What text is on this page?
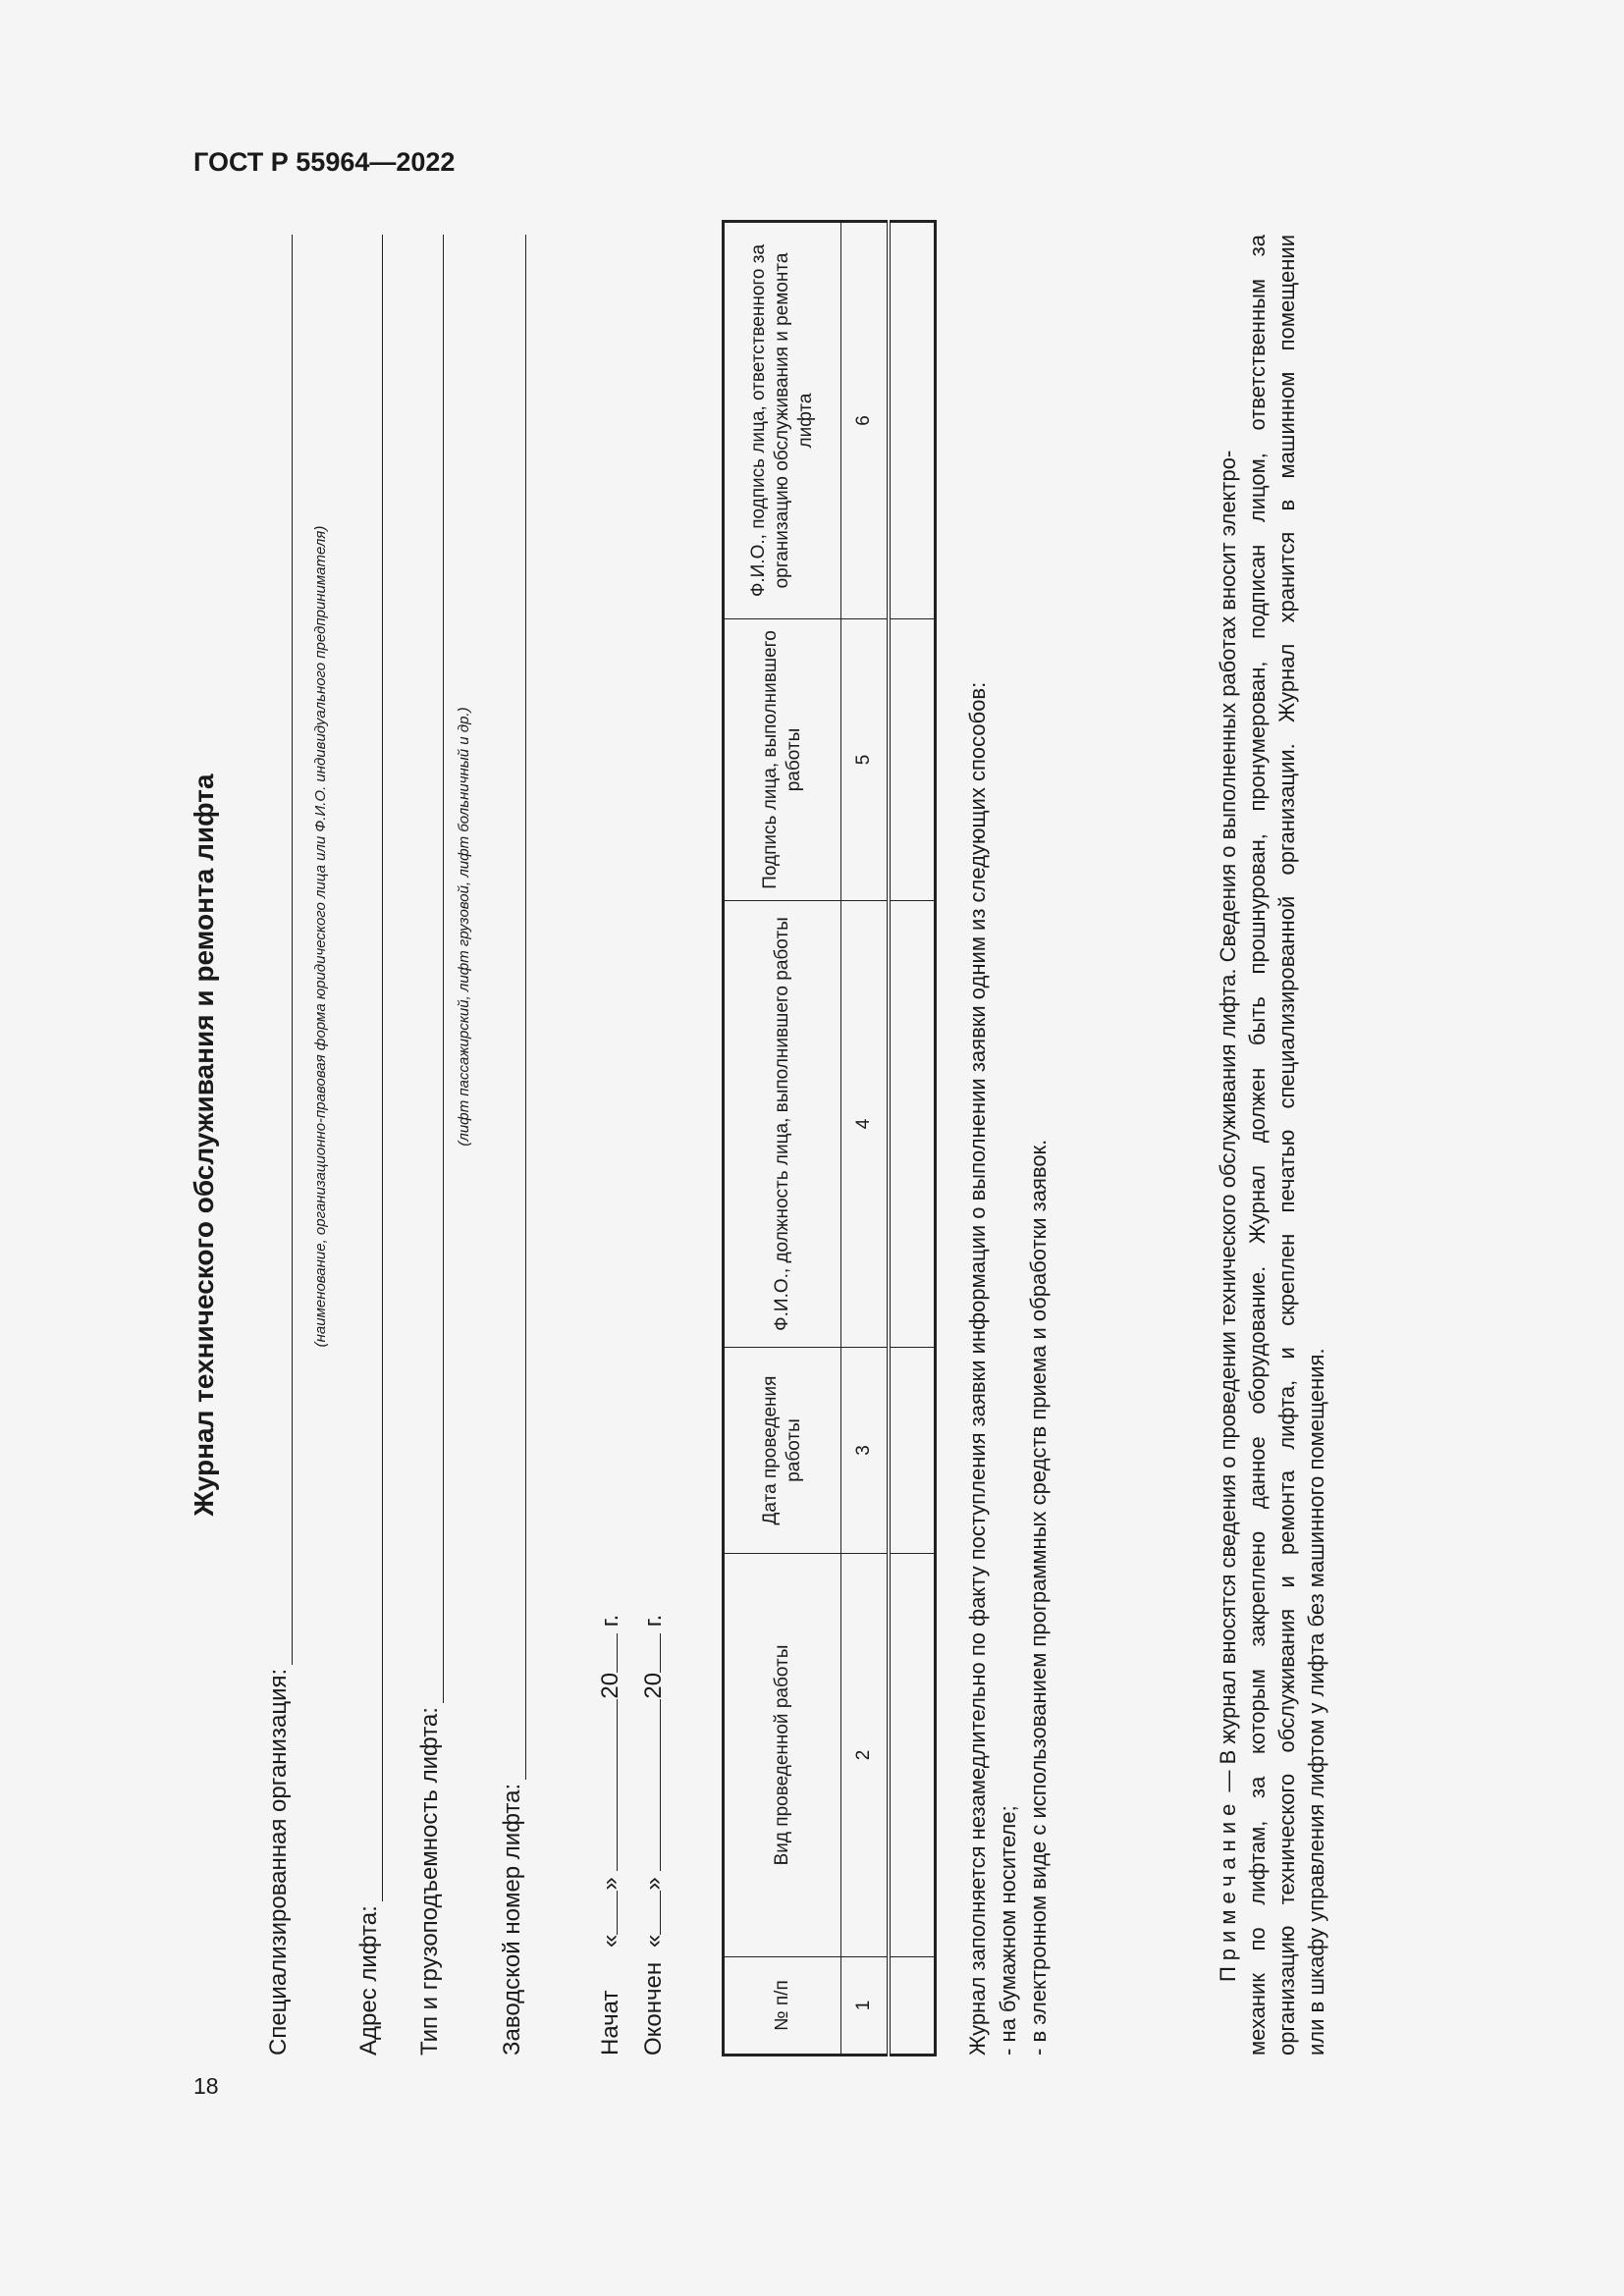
ГОСТ Р 55964—2022
18
Журнал технического обслуживания и ремонта лифта
Специализированная организация:
(наименование, организационно-правовая форма юридического лица или Ф.И.О. индивидуального предпринимателя)
Адрес лифта: Тип и грузоподъемность лифта:
(лифт пассажирский, лифт грузовой, лифт больничный и др.)
Заводской номер лифта:	Начат«» 20 г.
Окончен«» 20 г.
№ п/п	Вид проведенной работы	Дата проведения работы	Ф.И.О., должность лица, выполнившего работы	Подпись лица, выполнившего работы	Ф.И.О., подпись лица, ответственного за организацию обслуживания и ремонта лифта
1	2	3	4	5	6

Журнал заполняется незамедлительно по факту поступления заявки информации о выполнении заявки одним из следующих способов: - на бумажном носителе; - в электронном виде с использованием программных средств приема и обработки заявок.	Примечание — В журнал вносятся сведения о проведении технического обслуживания лифта. Сведения о выполненных работах вносит электро- механик по лифтам, за которым закреплено данное оборудование. Журнал должен быть прошнурован, пронумерован, подписан лицом, ответственным за организацию технического обслуживания и ремонта лифта, и скреплен печатью специализированной организации. Журнал хранится в машинном помещении или в шкафу управления лифтом у лифта без машинного помещения.
